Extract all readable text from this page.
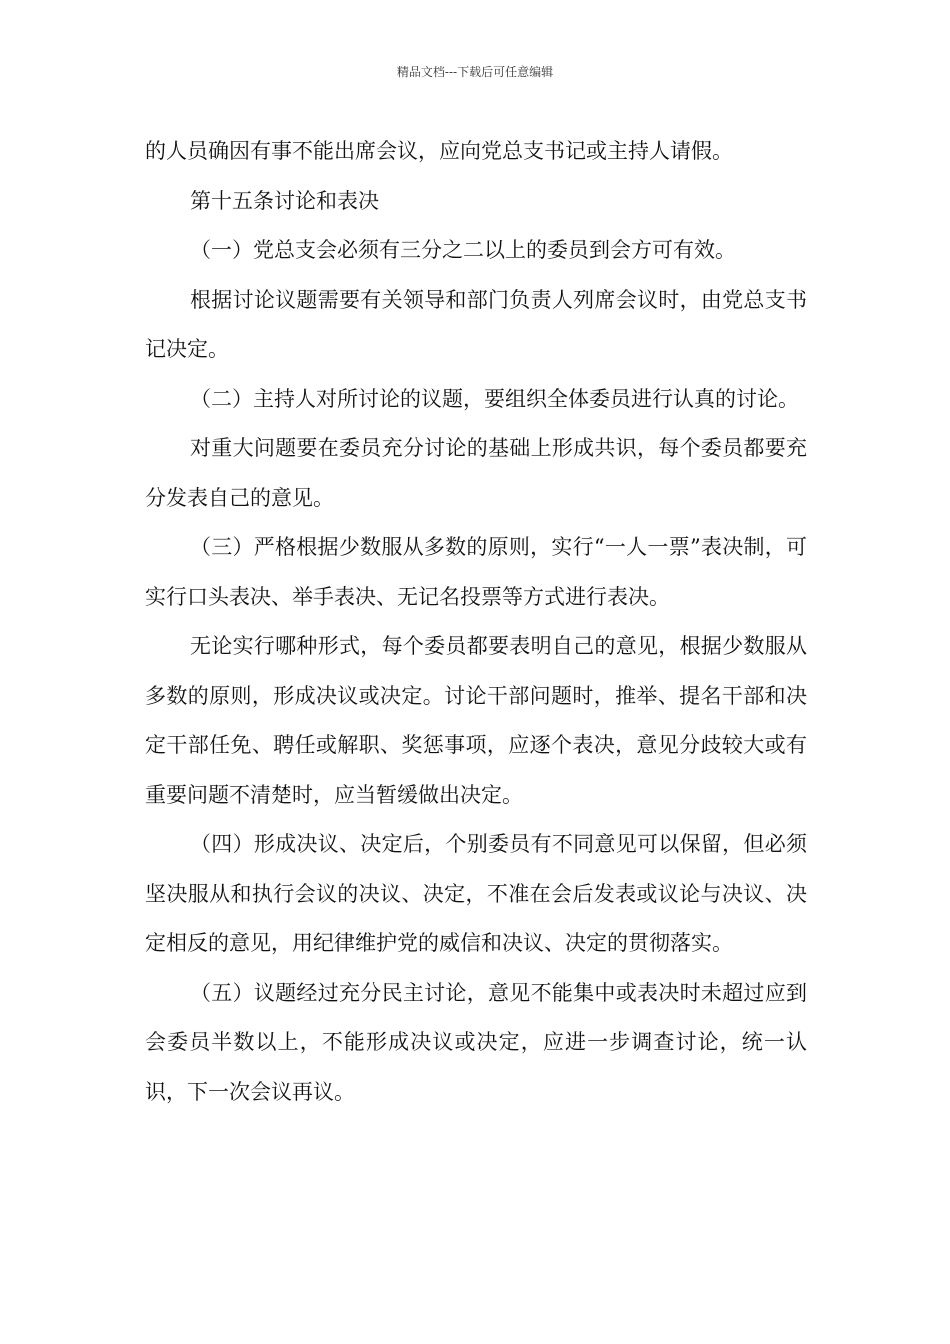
精品文档---下载后可任意编辑

的人员确因有事不能出席会议，应向党总支书记或主持人请假。

第十五条讨论和表决

（一）党总支会必须有三分之二以上的委员到会方可有效。

根据讨论议题需要有关领导和部门负责人列席会议时，由党总支书记决定。

（二）主持人对所讨论的议题，要组织全体委员进行认真的讨论。

对重大问题要在委员充分讨论的基础上形成共识，每个委员都要充分发表自己的意见。

（三）严格根据少数服从多数的原则，实行“一人一票”表决制，可实行口头表决、举手表决、无记名投票等方式进行表决。

无论实行哪种形式，每个委员都要表明自己的意见，根据少数服从多数的原则，形成决议或决定。讨论干部问题时，推举、提名干部和决定干部任免、聘任或解职、奖惩事项，应逐个表决，意见分歧较大或有重要问题不清楚时，应当暂缓做出决定。

（四）形成决议、决定后，个别委员有不同意见可以保留，但必须坚决服从和执行会议的决议、决定，不准在会后发表或议论与决议、决定相反的意见，用纪律维护党的威信和决议、决定的贯彻落实。

（五）议题经过充分民主讨论，意见不能集中或表决时未超过应到会委员半数以上，不能形成决议或决定，应进一步调查讨论，统一认识，下一次会议再议。
